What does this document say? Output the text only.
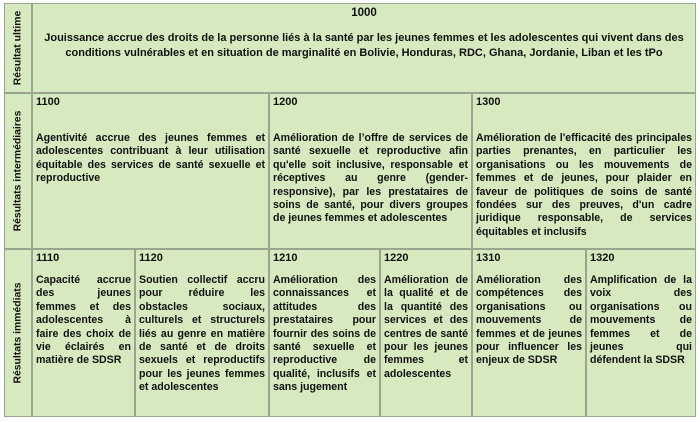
Résultat ultime
Résultats intermédiaires
Résultats immédiats
1000
Jouissance accrue des droits de la personne liés à la santé par les jeunes femmes et les adolescentes qui vivent dans des conditions vulnérables et en situation de marginalité en Bolivie, Honduras, RDC, Ghana, Jordanie, Liban et les tPo
1100
Agentivité accrue des jeunes femmes et adolescentes contribuant à leur utilisation équitable des services de santé sexuelle et reproductive
1200
Amélioration de l’offre de services de santé sexuelle et reproductive afin qu'elle soit inclusive, responsable et réceptives au genre (gender-responsive), par les prestataires de soins de santé, pour divers groupes de jeunes femmes et adolescentes
1300
Amélioration de l'efficacité des principales parties prenantes, en particulier les organisations ou les mouvements de femmes et de jeunes, pour plaider en faveur de politiques de soins de santé fondées sur des preuves, d'un cadre juridique responsable, de services équitables et inclusifs
1110
Capacité accrue des jeunes femmes et des adolescentes à faire des choix de vie éclairés en matière de SDSR
1120
Soutien collectif accru pour réduire les obstacles sociaux, culturels et structurels liés au genre en matière de santé et de droits sexuels et reproductifs pour les jeunes femmes et adolescentes
1210
Amélioration des connaissances et attitudes des prestataires pour fournir des soins de santé sexuelle et reproductive de qualité, inclusifs et sans jugement
1220
Amélioration de la qualité et de la quantité des services et des centres de santé pour les jeunes femmes et adolescentes
1310
Amélioration des compétences des organisations ou mouvements de femmes et de jeunes pour influencer les enjeux de SDSR
1320
Amplification de la voix des organisations ou mouvements de femmes et de jeunes qui défendent la SDSR
